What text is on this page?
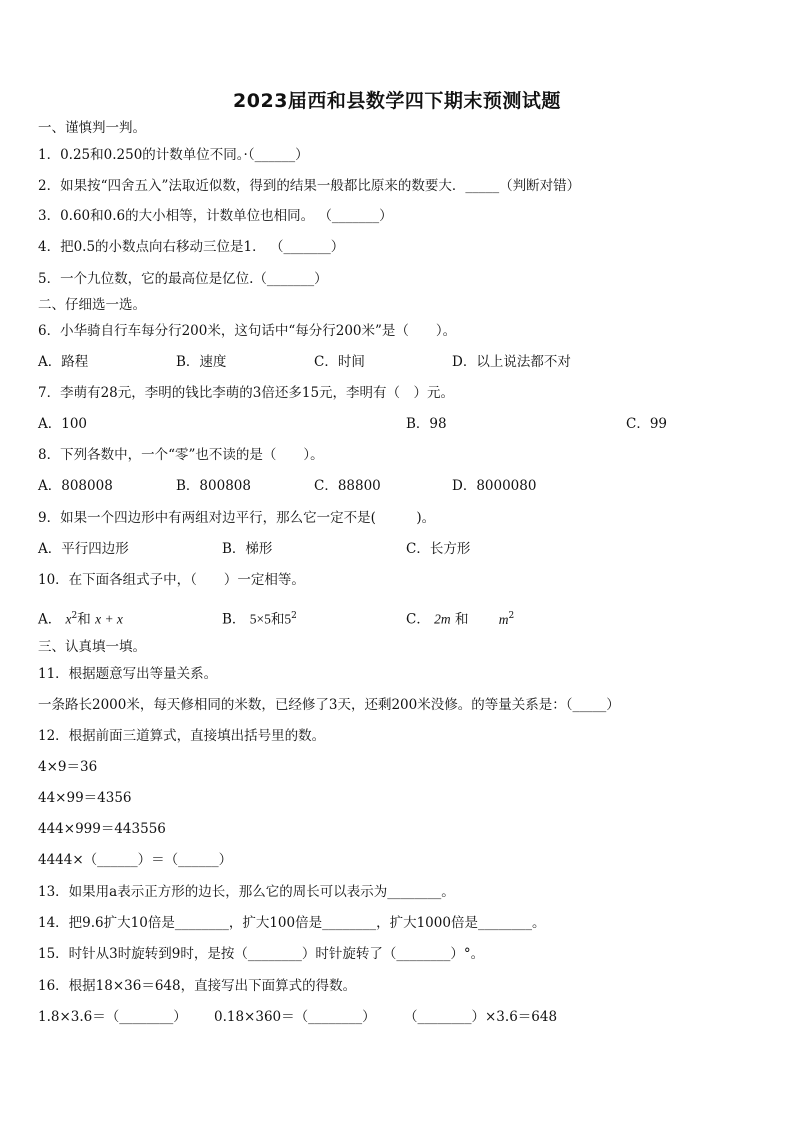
2023届西和县数学四下期末预测试题
一、谨慎判一判。
1．0.25和0.250的计数单位不同。·（______）
2．如果按“四舍五入”法取近似数，得到的结果一般都比原来的数要大．_____（判断对错）
3．0.60和0.6的大小相等，计数单位也相同。 （_______）
4．把0.5的小数点向右移动三位是1． （_______）
5．一个九位数，它的最高位是亿位.（_______）
二、仔细选一选。
6．小华骑自行车每分行200米，这句话中“每分行200米”是（　　）。
A．路程	B．速度	C．时间	D．以上说法都不对
7．李萌有28元，李明的钱比李萌的3倍还多15元，李明有（　）元。
A．100	B．98	C．99
8．下列各数中，一个“零”也不读的是（　　）。
A．808008	B．800808	C．88800	D．8000080
9．如果一个四边形中有两组对边平行，那么它一定不是(　　　)。
A．平行四边形	B．梯形	C．长方形
10．在下面各组式子中，（　　）一定相等。
A． $x^2$和 x + x	B． 5×5和$5^2$	C． 2m 和 $m^2$
三、认真填一填。
11．根据题意写出等量关系。
一条路长2000米，每天修相同的米数，已经修了3天，还剩200米没修。的等量关系是：（_____）
12．根据前面三道算式，直接填出括号里的数。
4×9＝36
44×99＝4356
444×999＝443556
4444×（______）＝（______）
13．如果用a表示正方形的边长，那么它的周长可以表示为________。
14．把9.6扩大10倍是________，扩大100倍是________，扩大1000倍是________。
15．时针从3时旋转到9时，是按（________）时针旋转了（________）°。
16．根据18×36＝648，直接写出下面算式的得数。
1.8×3.6＝（________） 0.18×360＝（________） （________）×3.6＝648
